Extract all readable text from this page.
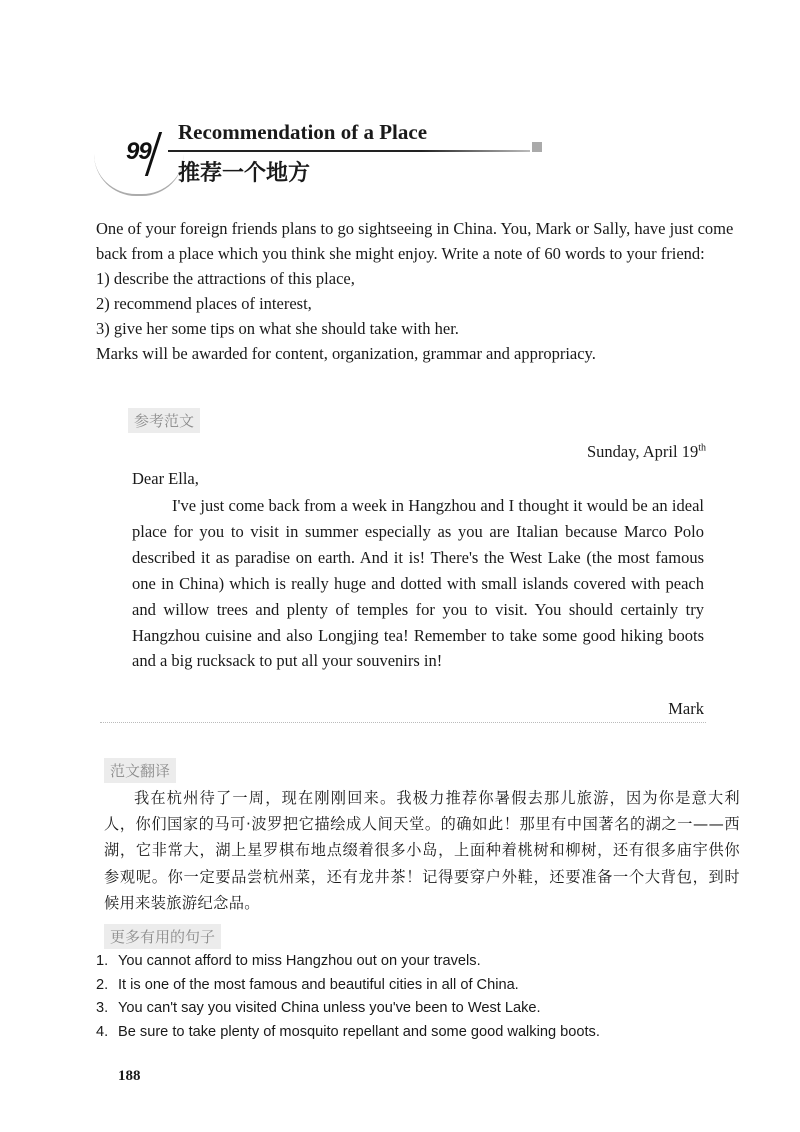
99
Recommendation of a Place
推荐一个地方

One of your foreign friends plans to go sightseeing in China. You, Mark or Sally, have just come back from a place which you think she might enjoy. Write a note of 60 words to your friend:

1) describe the attractions of this place,

2) recommend places of interest,

3) give her some tips on what she should take with her.

Marks will be awarded for content, organization, grammar and appropriacy.

参考范文
Sunday, April 19th
Dear Ella,
I've just come back from a week in Hangzhou and I thought it would be an ideal place for you to visit in summer especially as you are Italian because Marco Polo described it as paradise on earth. And it is! There's the West Lake (the most famous one in China) which is really huge and dotted with small islands covered with peach and willow trees and plenty of temples for you to visit. You should certainly try Hangzhou cuisine and also Longjing tea! Remember to take some good hiking boots and a big rucksack to put all your souvenirs in!
Mark
范文翻译
我在杭州待了一周，现在刚刚回来。我极力推荐你暑假去那儿旅游，因为你是意大利人，你们国家的马可·波罗把它描绘成人间天堂。的确如此！那里有中国著名的湖之一——西湖，它非常大，湖上星罗棋布地点缀着很多小岛，上面种着桃树和柳树，还有很多庙宇供你参观呢。你一定要品尝杭州菜，还有龙井茶！记得要穿户外鞋，还要准备一个大背包，到时候用来装旅游纪念品。
更多有用的句子
1. You cannot afford to miss Hangzhou out on your travels.
2. It is one of the most famous and beautiful cities in all of China.
3. You can't say you visited China unless you've been to West Lake.
4. Be sure to take plenty of mosquito repellant and some good walking boots.
188
